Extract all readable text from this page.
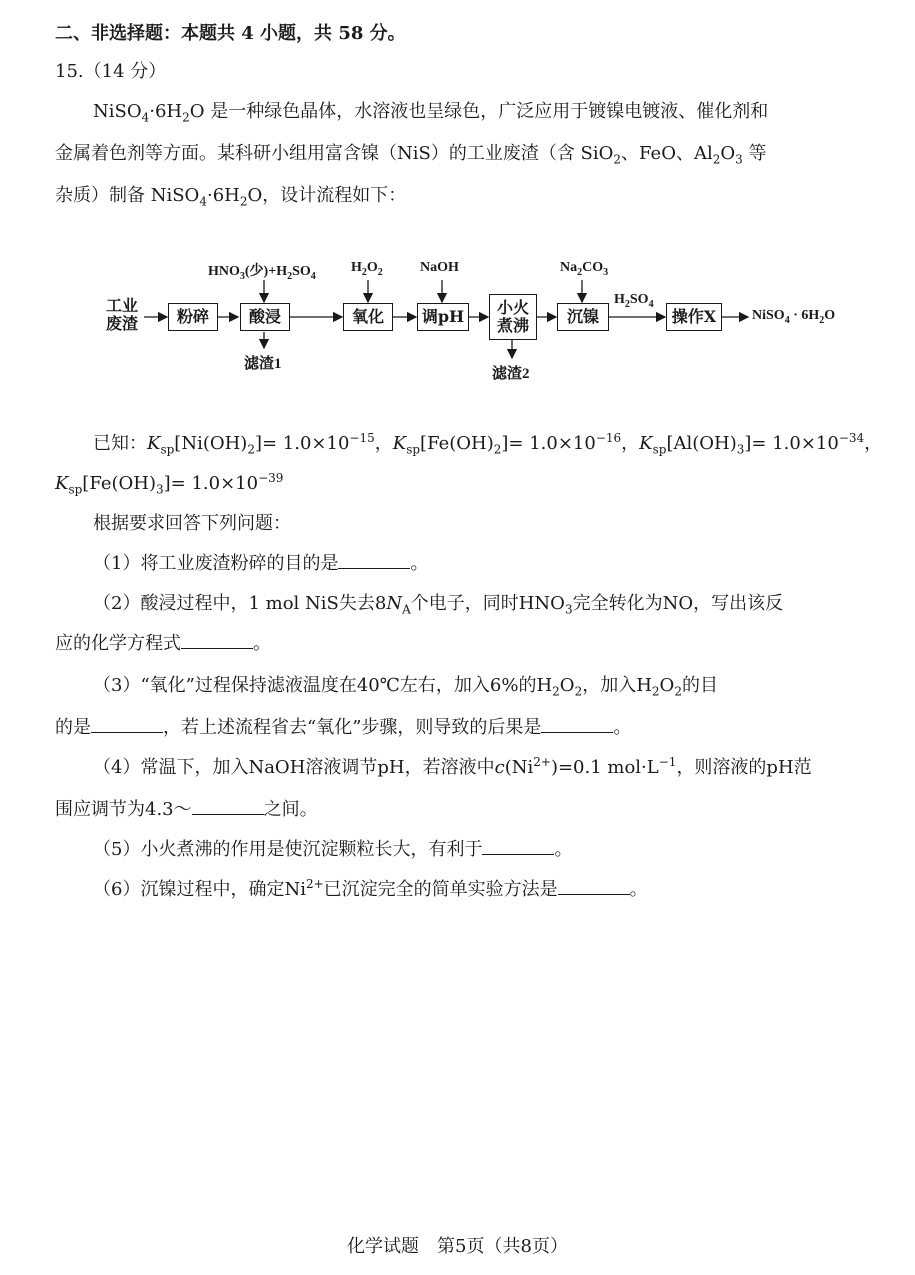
二、非选择题：本题共 4 小题，共 58 分。
15.（14 分）
$NiSO_4\cdot 6H_2O$ 是一种绿色晶体，水溶液也呈绿色，广泛应用于镀镍电镀液、催化剂和
金属着色剂等方面。某科研小组用富含镍（NiS）的工业废渣（含 SiO$_2$、FeO、$Al_2O_3$ 等
杂质）制备 $NiSO_4\cdot 6H_2O$，设计流程如下：
工业
废渣	粉碎	酸浸	氧化	调pH	小火
煮沸	沉镍	操作X
$HNO_3$(少)$+H_2SO_4$
$H_2O_2$	NaOH	$Na_2CO_3$
$H_2SO_4$
滤渣1
滤渣2
NiSO$_4$ · $6H_2O$
已知：$K_{sp}[Ni(OH)_2]= 1.0\times 10^{-15}$，$K_{sp}[Fe(OH)_2]= 1.0\times 10^{-16}$，$K_{sp}[Al(OH)_3]= 1.0\times 10^{-34}$，
$K_{sp}[Fe(OH)_3]= 1.0\times 10^{-39}$
根据要求回答下列问题：
（1）将工业废渣粉碎的目的是	。
（2）酸浸过程中，1 mol NiS失去$8N_A$个电子，同时$HNO_3$完全转化为NO，写出该反
应的化学方程式	。
（3）“氧化”过程保持滤液温度在40℃左右，加入6%的$H_2O_2$，加入$H_2O_2$的目
的是	，若上述流程省去“氧化”步骤，则导致的后果是	。
（4）常温下，加入NaOH溶液调节pH，若溶液中$c(Ni^{2+})=0.1$ $mol\cdot L^{-1}$，则溶液的pH范
围应调节为4.3～	之间。
（5）小火煮沸的作用是使沉淀颗粒长大，有利于	。
（6）沉镍过程中，确定$Ni^{2+}$已沉淀完全的简单实验方法是	。
化学试题　第5页（共8页）
